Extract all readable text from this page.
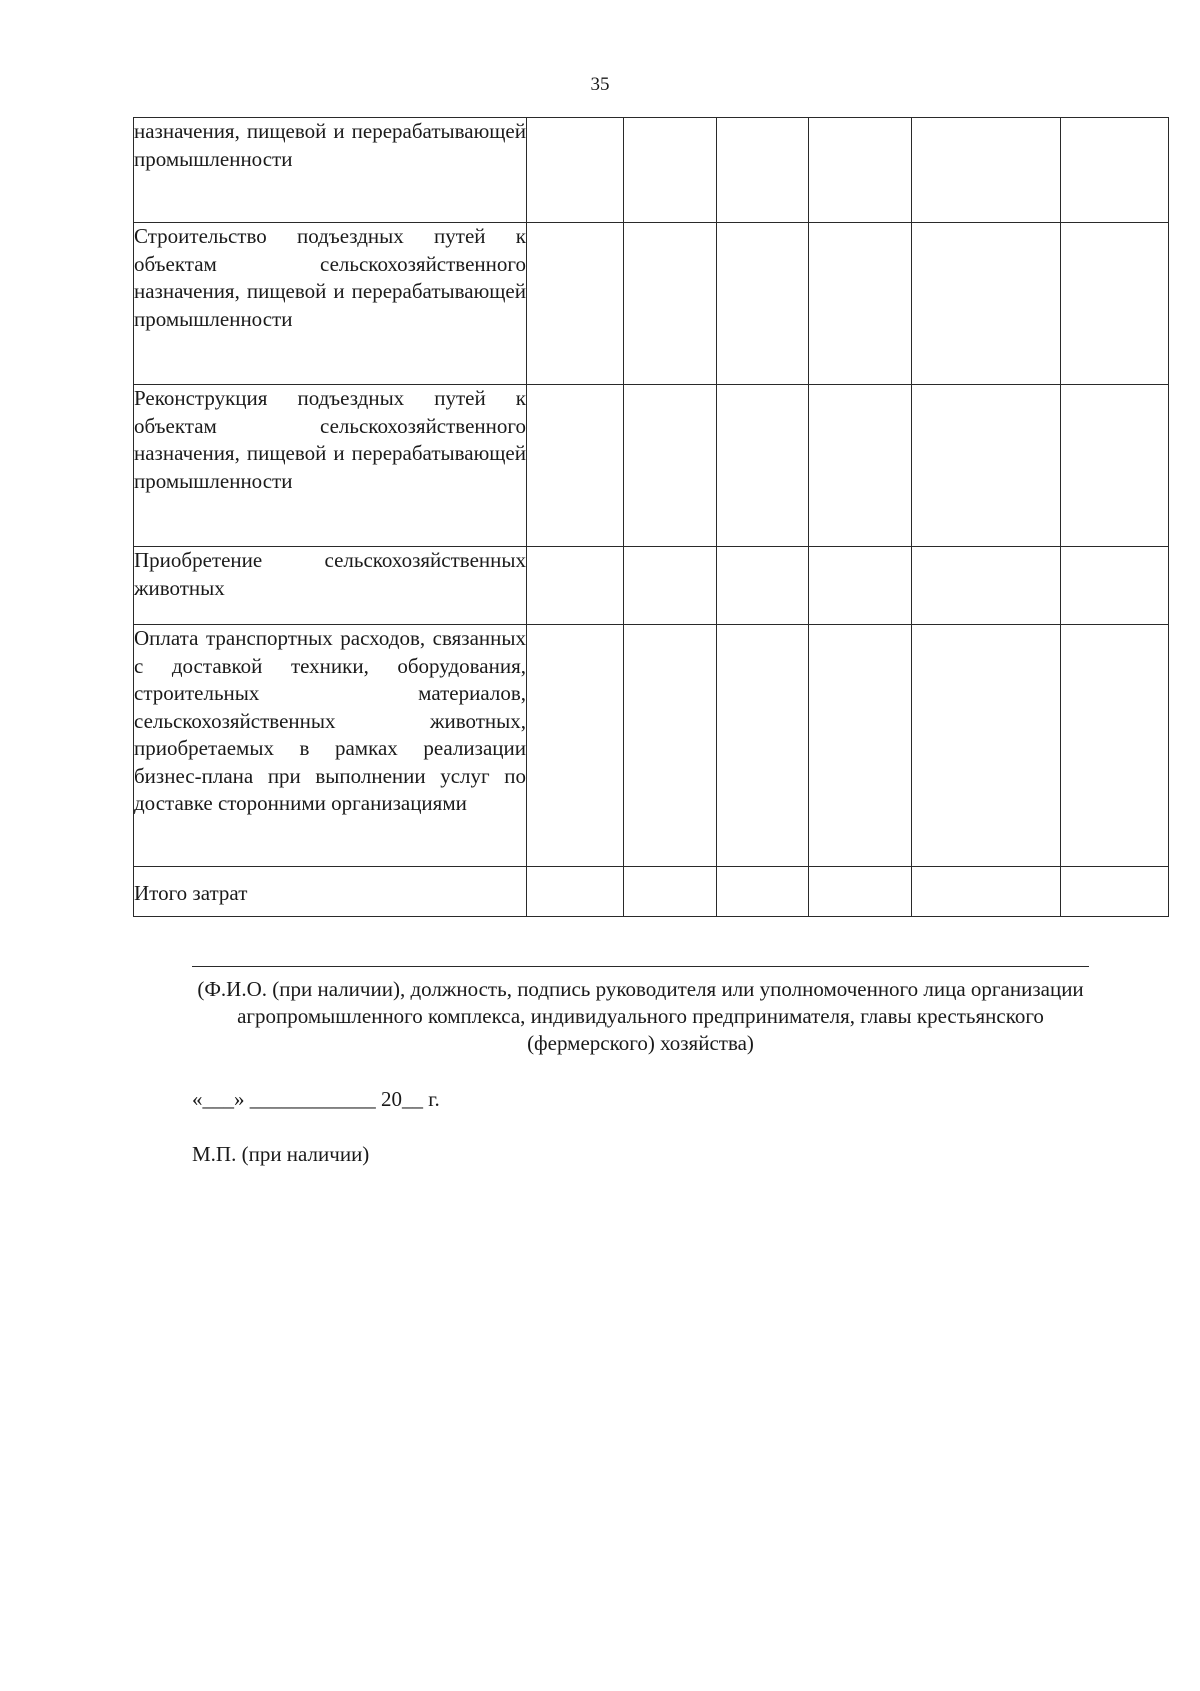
35
назначения, пищевой и перерабатывающей промышленности						
Строительство подъездных путей к объектам сельскохозяйственного назначения, пищевой и перерабатывающей промышленности						
Реконструкция подъездных путей к объектам сельскохозяйственного назначения, пищевой и перерабатывающей промышленности						
Приобретение сельскохозяйственных животных						
Оплата транспортных расходов, связанных с доставкой техники, оборудования, строительных материалов, сельскохозяйственных животных, приобретаемых в рамках реализации бизнес-плана при выполнении услуг по доставке сторонними организациями						
Итого затрат						
(Ф.И.О. (при наличии), должность, подпись руководителя или уполномоченного лица организации агропромышленного комплекса, индивидуального предпринимателя, главы крестьянского (фермерского) хозяйства)
«___» ____________ 20__ г.
М.П. (при наличии)
